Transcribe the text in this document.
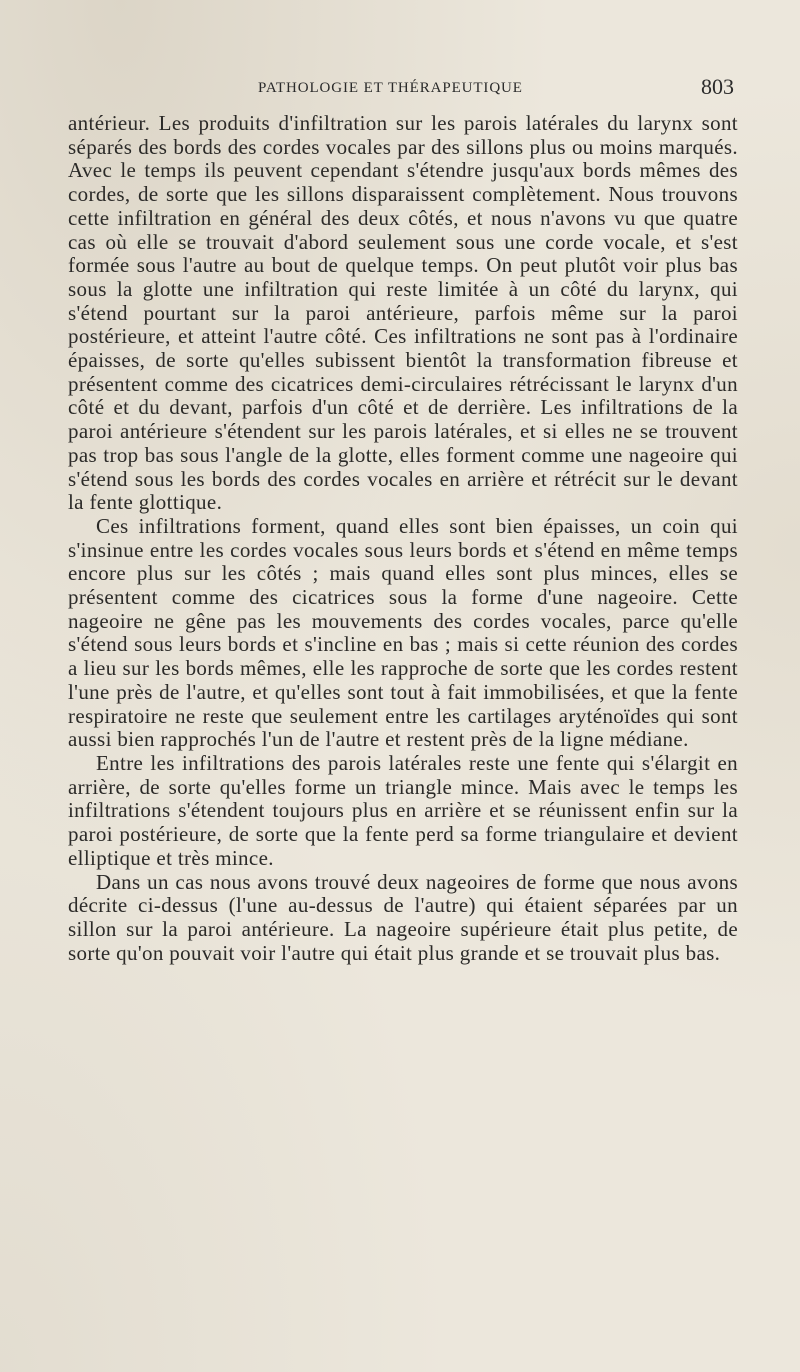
PATHOLOGIE ET THÉRAPEUTIQUE	803

antérieur. Les produits d'infiltration sur les parois latérales du larynx sont séparés des bords des cordes vocales par des sillons plus ou moins marqués. Avec le temps ils peuvent cependant s'étendre jusqu'aux bords mêmes des cordes, de sorte que les sillons disparaissent complètement. Nous trouvons cette infiltration en général des deux côtés, et nous n'avons vu que quatre cas où elle se trouvait d'abord seulement sous une corde vocale, et s'est formée sous l'autre au bout de quelque temps. On peut plutôt voir plus bas sous la glotte une infiltration qui reste limitée à un côté du larynx, qui s'étend pourtant sur la paroi antérieure, parfois même sur la paroi postérieure, et atteint l'autre côté. Ces infiltrations ne sont pas à l'ordinaire épaisses, de sorte qu'elles subissent bientôt la transformation fibreuse et présentent comme des cicatrices demi-circulaires rétrécissant le larynx d'un côté et du devant, parfois d'un côté et de derrière. Les infiltrations de la paroi antérieure s'étendent sur les parois latérales, et si elles ne se trouvent pas trop bas sous l'angle de la glotte, elles forment comme une nageoire qui s'étend sous les bords des cordes vocales en arrière et rétrécit sur le devant la fente glottique.

Ces infiltrations forment, quand elles sont bien épaisses, un coin qui s'insinue entre les cordes vocales sous leurs bords et s'étend en même temps encore plus sur les côtés ; mais quand elles sont plus minces, elles se présentent comme des cicatrices sous la forme d'une nageoire. Cette nageoire ne gêne pas les mouvements des cordes vocales, parce qu'elle s'étend sous leurs bords et s'incline en bas ; mais si cette réunion des cordes a lieu sur les bords mêmes, elle les rapproche de sorte que les cordes restent l'une près de l'autre, et qu'elles sont tout à fait immobilisées, et que la fente respiratoire ne reste que seulement entre les cartilages aryténoïdes qui sont aussi bien rapprochés l'un de l'autre et restent près de la ligne médiane.

Entre les infiltrations des parois latérales reste une fente qui s'élargit en arrière, de sorte qu'elles forme un triangle mince. Mais avec le temps les infiltrations s'étendent toujours plus en arrière et se réunissent enfin sur la paroi postérieure, de sorte que la fente perd sa forme triangulaire et devient elliptique et très mince.

Dans un cas nous avons trouvé deux nageoires de forme que nous avons décrite ci-dessus (l'une au-dessus de l'autre) qui étaient séparées par un sillon sur la paroi antérieure. La nageoire supérieure était plus petite, de sorte qu'on pouvait voir l'autre qui était plus grande et se trouvait plus bas.
